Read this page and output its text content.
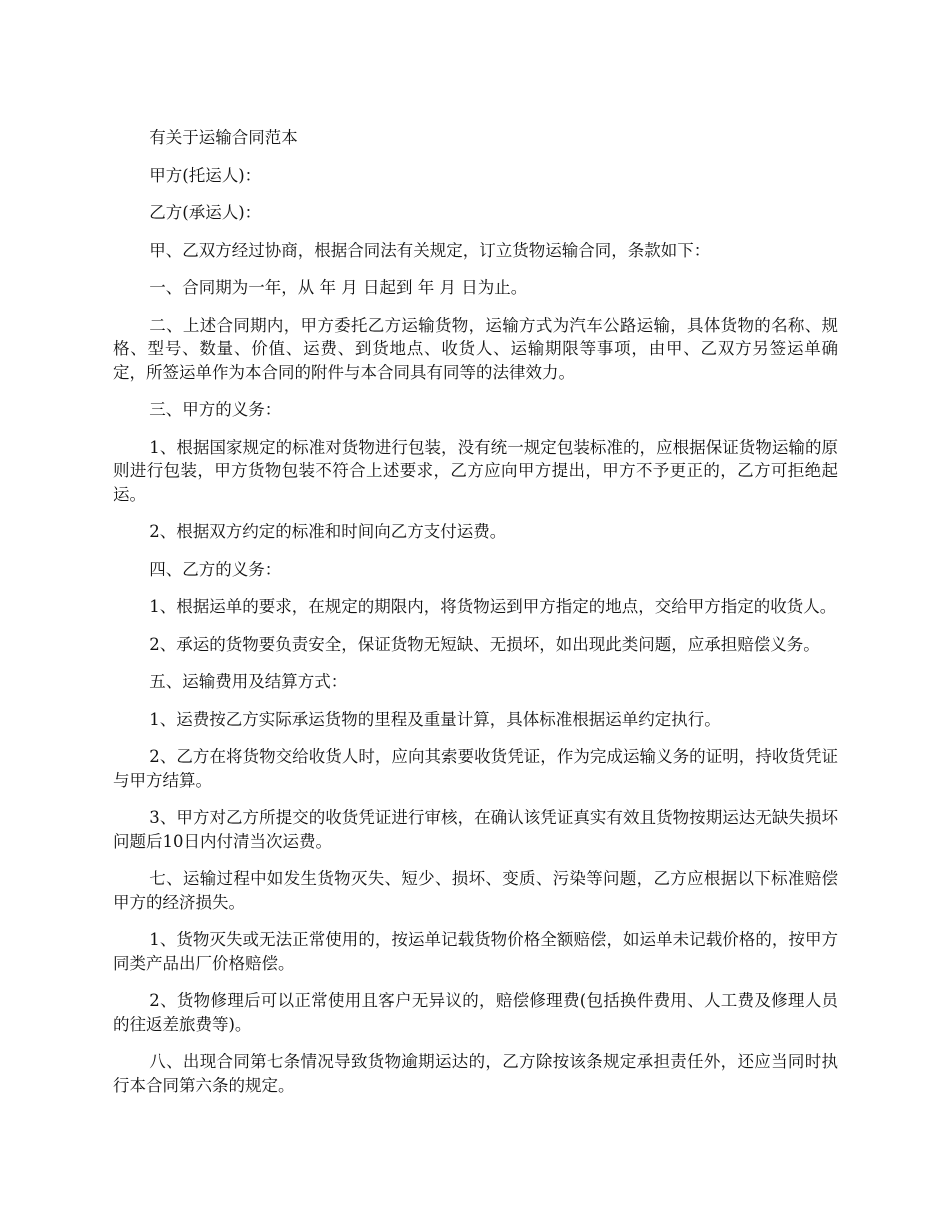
有关于运输合同范本

甲方(托运人)：

乙方(承运人)：

甲、乙双方经过协商，根据合同法有关规定，订立货物运输合同，条款如下：

一、合同期为一年，从 年 月 日起到 年 月 日为止。

二、上述合同期内，甲方委托乙方运输货物，运输方式为汽车公路运输，具体货物的名称、规格、型号、数量、价值、运费、到货地点、收货人、运输期限等事项，由甲、乙双方另签运单确定，所签运单作为本合同的附件与本合同具有同等的法律效力。

三、甲方的义务：

1、根据国家规定的标准对货物进行包装，没有统一规定包装标准的，应根据保证货物运输的原则进行包装，甲方货物包装不符合上述要求，乙方应向甲方提出，甲方不予更正的，乙方可拒绝起运。

2、根据双方约定的标准和时间向乙方支付运费。

四、乙方的义务：

1、根据运单的要求，在规定的期限内，将货物运到甲方指定的地点，交给甲方指定的收货人。

2、承运的货物要负责安全，保证货物无短缺、无损坏，如出现此类问题，应承担赔偿义务。

五、运输费用及结算方式：

1、运费按乙方实际承运货物的里程及重量计算，具体标准根据运单约定执行。

2、乙方在将货物交给收货人时，应向其索要收货凭证，作为完成运输义务的证明，持收货凭证与甲方结算。

3、甲方对乙方所提交的收货凭证进行审核，在确认该凭证真实有效且货物按期运达无缺失损坏问题后10日内付清当次运费。

七、运输过程中如发生货物灭失、短少、损坏、变质、污染等问题，乙方应根据以下标准赔偿甲方的经济损失。

1、货物灭失或无法正常使用的，按运单记载货物价格全额赔偿，如运单未记载价格的，按甲方同类产品出厂价格赔偿。

2、货物修理后可以正常使用且客户无异议的，赔偿修理费(包括换件费用、人工费及修理人员的往返差旅费等)。

八、出现合同第七条情况导致货物逾期运达的，乙方除按该条规定承担责任外，还应当同时执行本合同第六条的规定。
